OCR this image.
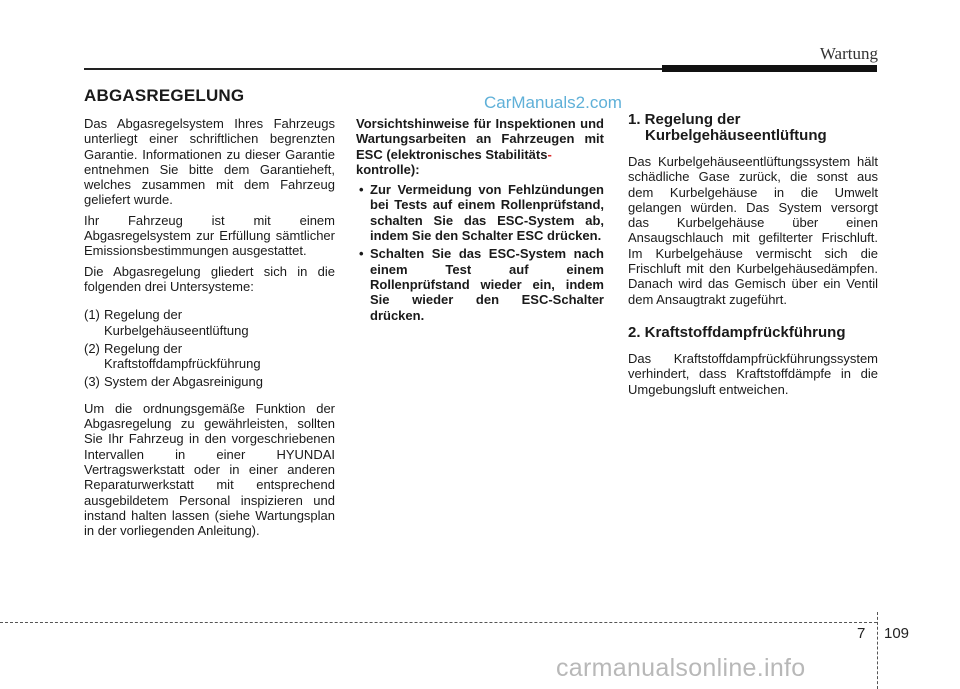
Wartung
ABGASREGELUNG	CarManuals2.com

Das Abgasregelsystem Ihres Fahrzeugs unterliegt einer schriftlichen begrenzten Garantie. Informationen zu dieser Garantie entnehmen Sie bitte dem Garantieheft, welches zusammen mit dem Fahrzeug geliefert wurde.

Ihr Fahrzeug ist mit einem Abgasregelsystem zur Erfüllung sämtlicher Emissionsbestimmungen ausgestattet.

Die Abgasregelung gliedert sich in die folgenden drei Untersysteme:

(1) Regelung der
Kurbelgehäuseentlüftung
(2) Regelung der
Kraftstoffdampfrückführung
(3) System der Abgasreinigung

Um die ordnungsgemäße Funktion der Abgasregelung zu gewährleisten, sollten Sie Ihr Fahrzeug in den vorgeschriebenen Intervallen in einer HYUNDAI Vertragswerkstatt oder in einer anderen Reparaturwerkstatt mit entsprechend ausgebildetem Personal inspizieren und instand halten lassen (siehe Wartungsplan in der vorliegenden Anleitung).

Vorsichtshinweise für Inspektionen und Wartungsarbeiten an Fahrzeugen mit ESC (elektronisches Stabilitäts-
kontrolle):

• Zur Vermeidung von Fehlzündungen bei Tests auf einem Rollenprüfstand, schalten Sie das ESC-System ab, indem Sie den Schalter ESC drücken.
• Schalten Sie das ESC-System nach einem Test auf einem Rollenprüfstand wieder ein, indem Sie wieder den ESC-Schalter drücken.
1. Regelung der
Kurbelgehäuseentlüftung

Das Kurbelgehäuseentlüftungssystem hält schädliche Gase zurück, die sonst aus dem Kurbelgehäuse in die Umwelt gelangen würden. Das System versorgt das Kurbelgehäuse über einen Ansaugschlauch mit gefilterter Frischluft. Im Kurbelgehäuse vermischt sich die Frischluft mit den Kurbelgehäusedämpfen. Danach wird das Gemisch über ein Ventil dem Ansaugtrakt zugeführt.

2. Kraftstoffdampfrückführung

Das Kraftstoffdampfrückführungssystem verhindert, dass Kraftstoffdämpfe in die Umgebungsluft entweichen.

7 109
carmanualsonline.info
